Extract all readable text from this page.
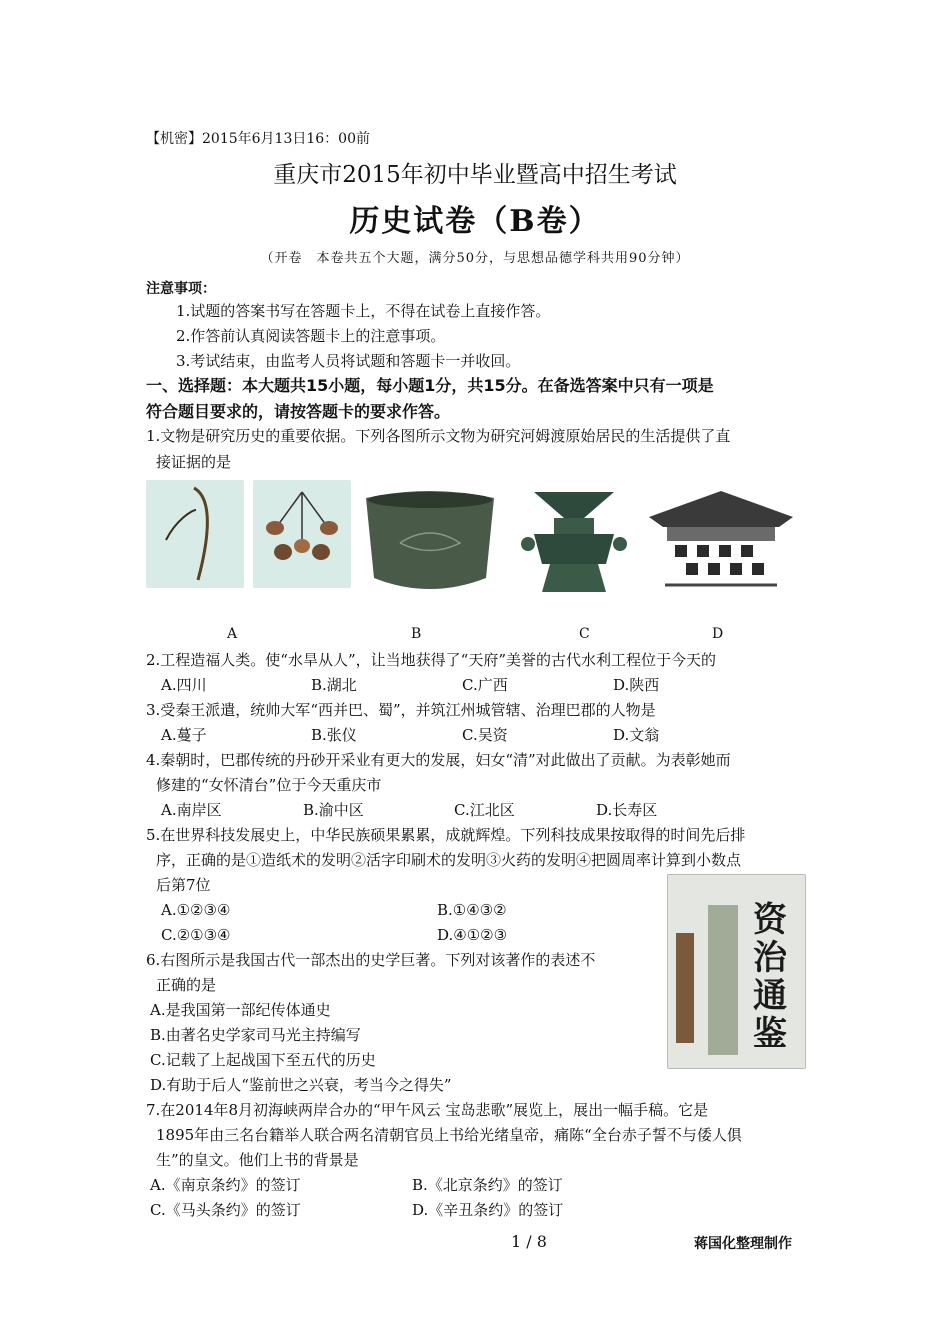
【机密】2015年6月13日16：00前
重庆市2015年初中毕业暨高中招生考试
历史试卷（B卷）
（开卷　本卷共五个大题，满分50分，与思想品德学科共用90分钟）
注意事项：
1.试题的答案书写在答题卡上，不得在试卷上直接作答。
2.作答前认真阅读答题卡上的注意事项。
3.考试结束，由监考人员将试题和答题卡一并收回。
一、选择题：本大题共15小题，每小题1分，共15分。在备选答案中只有一项是
符合题目要求的，请按答题卡的要求作答。
1.文物是研究历史的重要依据。下列各图所示文物为研究河姆渡原始居民的生活提供了直
接证据的是
A	B	C	D
2.工程造福人类。使“水旱从人”，让当地获得了“天府”美誉的古代水利工程位于今天的
A.四川	B.湖北	C.广西	D.陕西
3.受秦王派遣，统帅大军“西并巴、蜀”，并筑江州城管辖、治理巴郡的人物是
A.蔓子	B.张仪	C.吴资	D.文翁
4.秦朝时，巴郡传统的丹砂开采业有更大的发展，妇女“清”对此做出了贡献。为表彰她而
修建的“女怀清台”位于今天重庆市
A.南岸区	B.渝中区	C.江北区	D.长寿区
5.在世界科技发展史上，中华民族硕果累累，成就辉煌。下列科技成果按取得的时间先后排
序，正确的是①造纸术的发明②活字印刷术的发明③火药的发明④把圆周率计算到小数点
后第7位
A.①②③④	B.①④③②
C.②①③④	D.④①②③	资治通鉴
6.右图所示是我国古代一部杰出的史学巨著。下列对该著作的表述不
正确的是
A.是我国第一部纪传体通史
B.由著名史学家司马光主持编写
C.记载了上起战国下至五代的历史
D.有助于后人“鉴前世之兴衰，考当今之得失”
7.在2014年8月初海峡两岸合办的“甲午风云 宝岛悲歌”展览上，展出一幅手稿。它是
1895年由三名台籍举人联合两名清朝官员上书给光绪皇帝，痛陈“全台赤子誓不与倭人俱
生”的皇文。他们上书的背景是
A.《南京条约》的签订	B.《北京条约》的签订
C.《马头条约》的签订	D.《辛丑条约》的签订
1 / 8	蒋国化整理制作
